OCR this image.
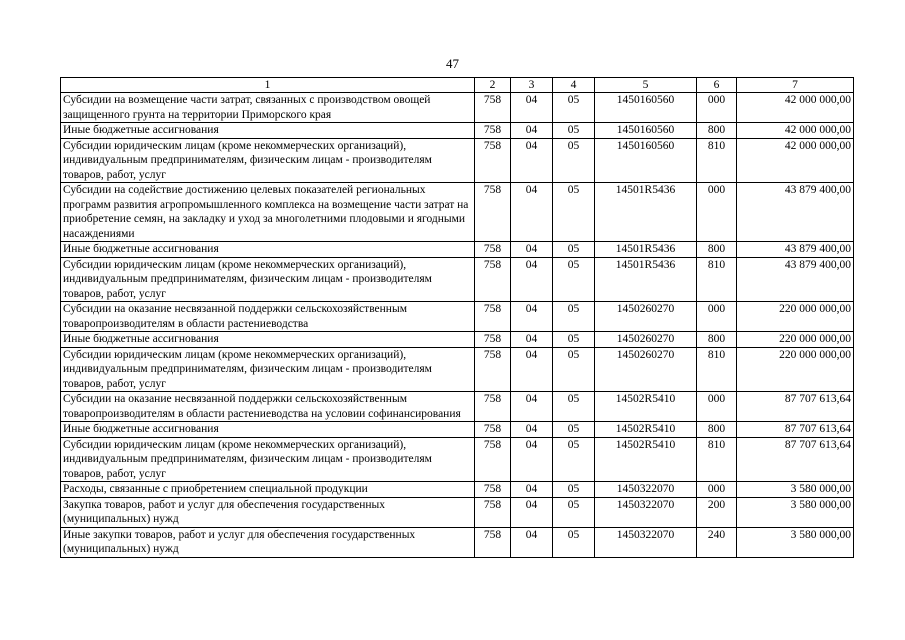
47
1	2	3	4	5	6	7
Субсидии на возмещение части затрат, связанных с производством овощей защищенного грунта на территории Приморского края	758	04	05	1450160560	000	42 000 000,00
Иные бюджетные ассигнования	758	04	05	1450160560	800	42 000 000,00
Субсидии юридическим лицам (кроме некоммерческих организаций), индивидуальным предпринимателям, физическим лицам - производителям товаров, работ, услуг	758	04	05	1450160560	810	42 000 000,00
Субсидии на содействие достижению целевых показателей региональных программ развития агропромышленного комплекса на возмещение части затрат на приобретение семян, на закладку и уход за многолетними плодовыми и ягодными насаждениями	758	04	05	14501R5436	000	43 879 400,00
Иные бюджетные ассигнования	758	04	05	14501R5436	800	43 879 400,00
Субсидии юридическим лицам (кроме некоммерческих организаций), индивидуальным предпринимателям, физическим лицам - производителям товаров, работ, услуг	758	04	05	14501R5436	810	43 879 400,00
Субсидии на оказание несвязанной поддержки сельскохозяйственным товаропроизводителям в области растениеводства	758	04	05	1450260270	000	220 000 000,00
Иные бюджетные ассигнования	758	04	05	1450260270	800	220 000 000,00
Субсидии юридическим лицам (кроме некоммерческих организаций), индивидуальным предпринимателям, физическим лицам - производителям товаров, работ, услуг	758	04	05	1450260270	810	220 000 000,00
Субсидии на оказание несвязанной поддержки сельскохозяйственным товаропроизводителям в области растениеводства на условии софинансирования	758	04	05	14502R5410	000	87 707 613,64
Иные бюджетные ассигнования	758	04	05	14502R5410	800	87 707 613,64
Субсидии юридическим лицам (кроме некоммерческих организаций), индивидуальным предпринимателям, физическим лицам - производителям товаров, работ, услуг	758	04	05	14502R5410	810	87 707 613,64
Расходы, связанные с приобретением специальной продукции	758	04	05	1450322070	000	3 580 000,00
Закупка товаров, работ и услуг для обеспечения государственных (муниципальных) нужд	758	04	05	1450322070	200	3 580 000,00
Иные закупки товаров, работ и услуг для обеспечения государственных (муниципальных) нужд	758	04	05	1450322070	240	3 580 000,00
